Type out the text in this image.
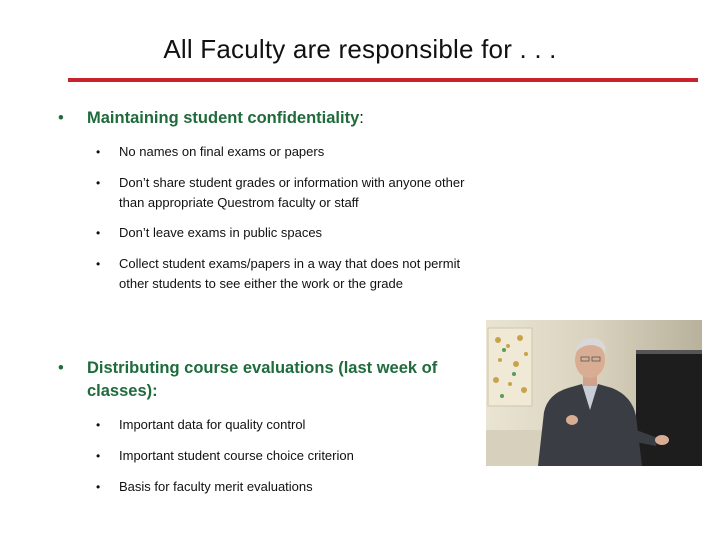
All Faculty are responsible for . . .
• Maintaining student confidentiality:
• No names on final exams or papers
• Don’t share student grades or information with anyone other than appropriate Questrom faculty or staff
• Don’t leave exams in public spaces
• Collect student exams/papers in a way that does not permit other students to see either the work or the grade
• Distributing course evaluations (last week of classes):
• Important data for quality control
• Important student course choice criterion
• Basis for faculty merit evaluations
